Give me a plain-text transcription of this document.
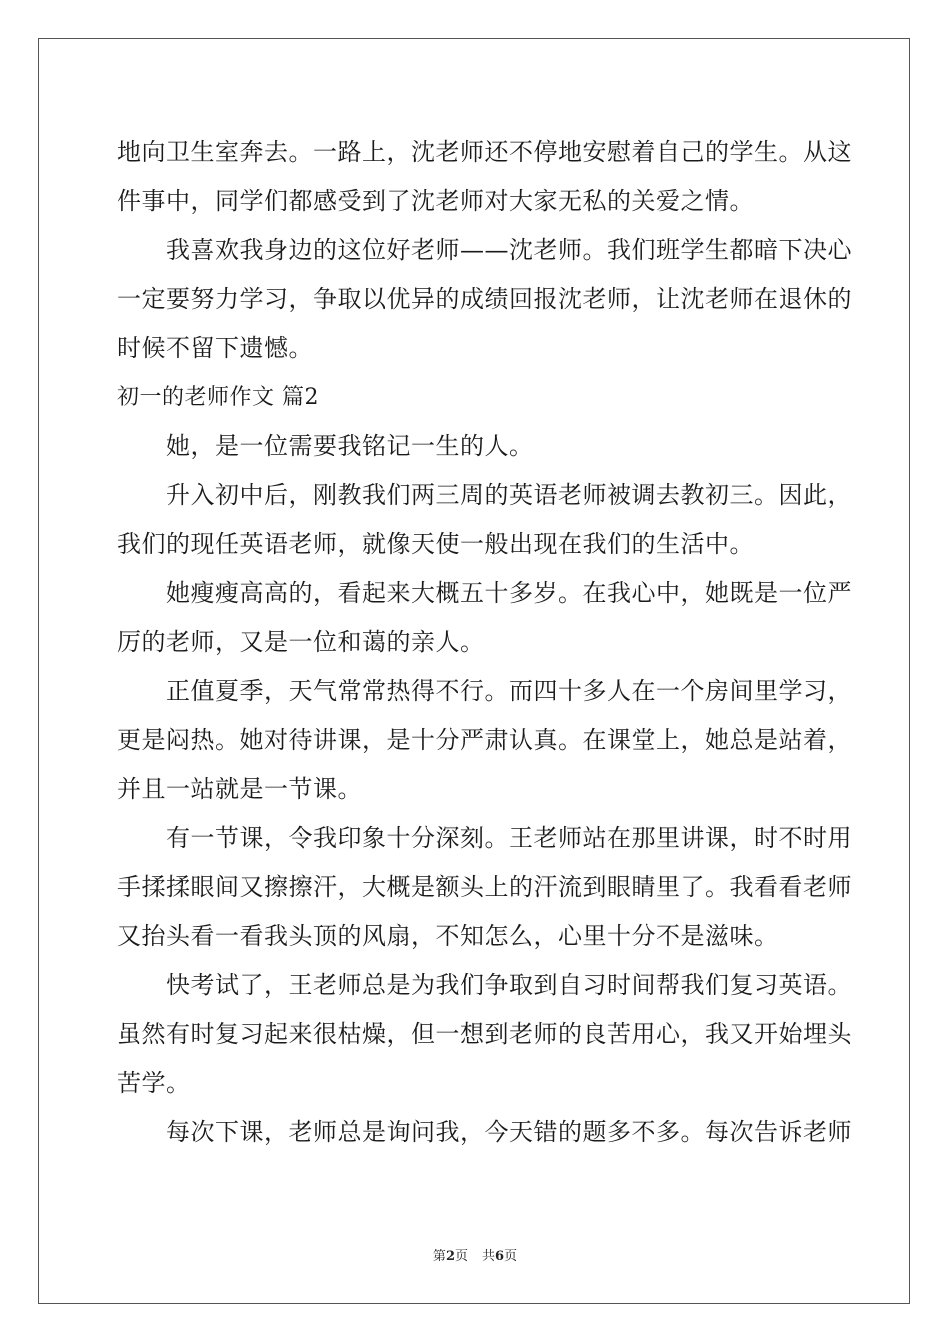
地向卫生室奔去。一路上，沈老师还不停地安慰着自己的学生。从这
件事中，同学们都感受到了沈老师对大家无私的关爱之情。
我喜欢我身边的这位好老师——沈老师。我们班学生都暗下决心
一定要努力学习，争取以优异的成绩回报沈老师，让沈老师在退休的
时候不留下遗憾。
初一的老师作文 篇2
她，是一位需要我铭记一生的人。
升入初中后，刚教我们两三周的英语老师被调去教初三。因此，
我们的现任英语老师，就像天使一般出现在我们的生活中。
她瘦瘦高高的，看起来大概五十多岁。在我心中，她既是一位严
厉的老师，又是一位和蔼的亲人。
正值夏季，天气常常热得不行。而四十多人在一个房间里学习，
更是闷热。她对待讲课，是十分严肃认真。在课堂上，她总是站着，
并且一站就是一节课。
有一节课，令我印象十分深刻。王老师站在那里讲课，时不时用
手揉揉眼间又擦擦汗，大概是额头上的汗流到眼睛里了。我看看老师
又抬头看一看我头顶的风扇，不知怎么，心里十分不是滋味。
快考试了，王老师总是为我们争取到自习时间帮我们复习英语。
虽然有时复习起来很枯燥，但一想到老师的良苦用心，我又开始埋头
苦学。
每次下课，老师总是询问我，今天错的题多不多。每次告诉老师
第2页 共6页
